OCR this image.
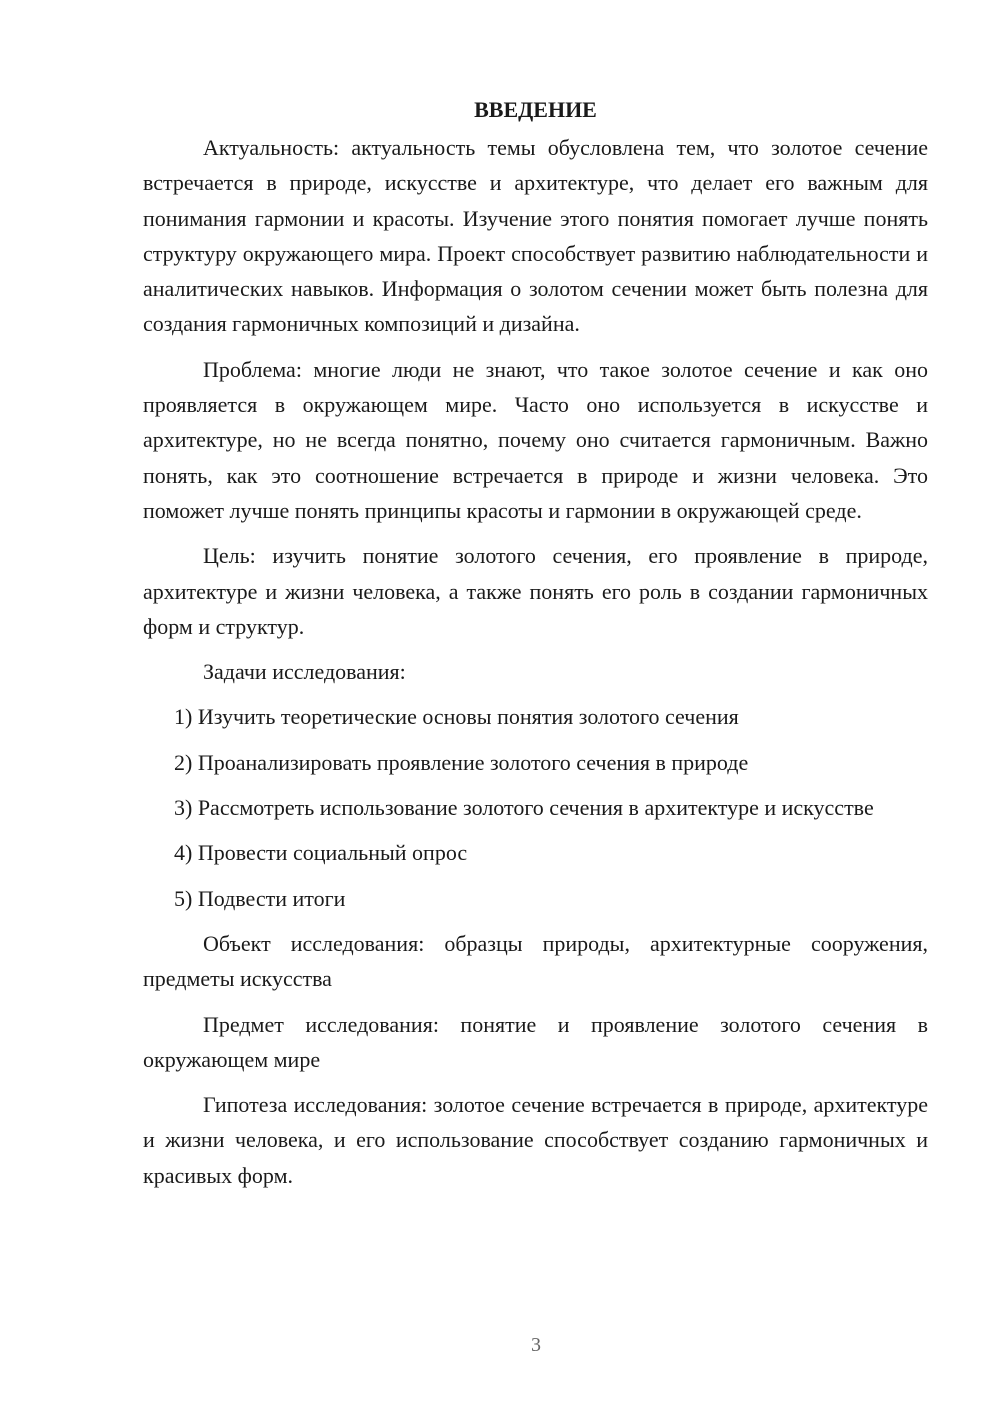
ВВЕДЕНИЕ

Актуальность: актуальность темы обусловлена тем, что золотое сечение встречается в природе, искусстве и архитектуре, что делает его важным для понимания гармонии и красоты. Изучение этого понятия помогает лучше понять структуру окружающего мира. Проект способствует развитию наблюдательности и аналитических навыков. Информация о золотом сечении может быть полезна для создания гармоничных композиций и дизайна.

Проблема: многие люди не знают, что такое золотое сечение и как оно проявляется в окружающем мире. Часто оно используется в искусстве и архитектуре, но не всегда понятно, почему оно считается гармоничным. Важно понять, как это соотношение встречается в природе и жизни человека. Это поможет лучше понять принципы красоты и гармонии в окружающей среде.

Цель: изучить понятие золотого сечения, его проявление в природе, архитектуре и жизни человека, а также понять его роль в создании гармоничных форм и структур.

Задачи исследования:

1) Изучить теоретические основы понятия золотого сечения

2) Проанализировать проявление золотого сечения в природе

3) Рассмотреть использование золотого сечения в архитектуре и искусстве

4) Провести социальный опрос

5) Подвести итоги

Объект исследования: образцы природы, архитектурные сооружения, предметы искусства

Предмет исследования: понятие и проявление золотого сечения в окружающем мире

Гипотеза исследования: золотое сечение встречается в природе, архитектуре и жизни человека, и его использование способствует созданию гармоничных и красивых форм.

3
